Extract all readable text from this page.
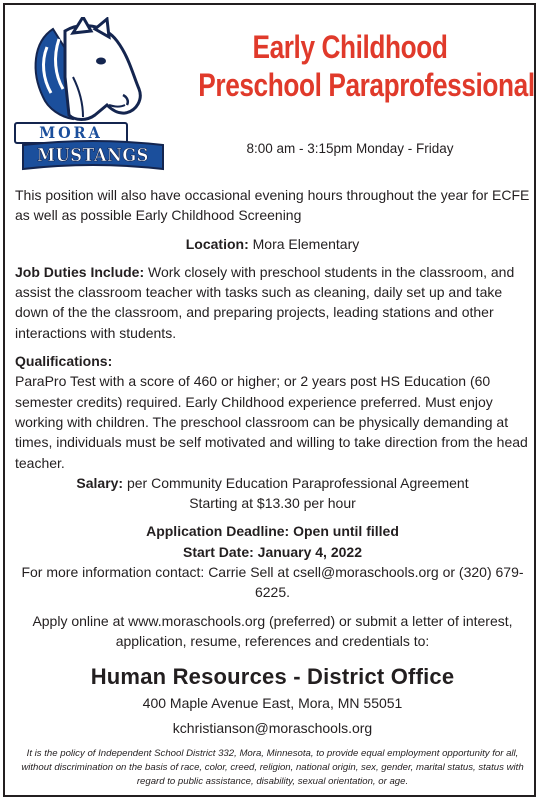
MORA
MUSTANGS
Early Childhood
Preschool Paraprofessional
8:00 am - 3:15pm Monday - Friday

This position will also have occasional evening hours throughout the year for ECFE as well as possible Early Childhood Screening

Location: Mora Elementary

Job Duties Include: Work closely with preschool students in the classroom, and assist the classroom teacher with tasks such as cleaning, daily set up and take down of the the classroom, and preparing projects, leading stations and other interactions with students.

Qualifications:

ParaPro Test with a score of 460 or higher; or 2 years post HS Education (60 semester credits) required. Early Childhood experience preferred. Must enjoy working with children. The preschool classroom can be physically demanding at times, individuals must be self motivated and willing to take direction from the head teacher.

Salary: per Community Education Paraprofessional Agreement

Starting at $13.30 per hour

Application Deadline: Open until filled

Start Date: January 4, 2022

For more information contact: Carrie Sell at csell@moraschools.org or (320) 679-6225.

Apply online at www.moraschools.org (preferred) or submit a letter of interest, application, resume, references and credentials to:

Human Resources - District Office

400 Maple Avenue East, Mora, MN 55051

kchristianson@moraschools.org

It is the policy of Independent School District 332, Mora, Minnesota, to provide equal employment opportunity for all, without discrimination on the basis of race, color, creed, religion, national origin, sex, gender, marital status, status with regard to public assistance, disability, sexual orientation, or age.
